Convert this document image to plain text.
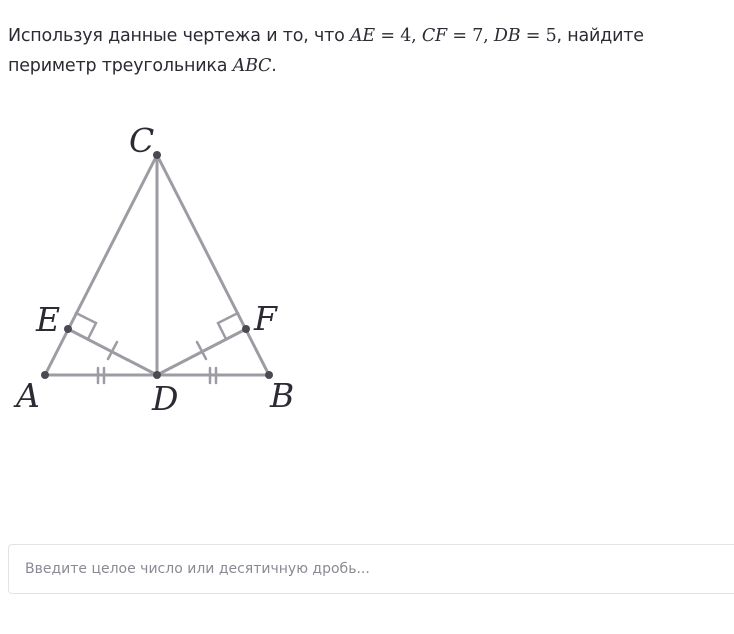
Используя данные чертежа и то, что AE = 4, CF = 7, DB = 5, найдите периметр треугольника ABC.
C
E	F
A	D	B
Введите целое число или десятичную дробь...
